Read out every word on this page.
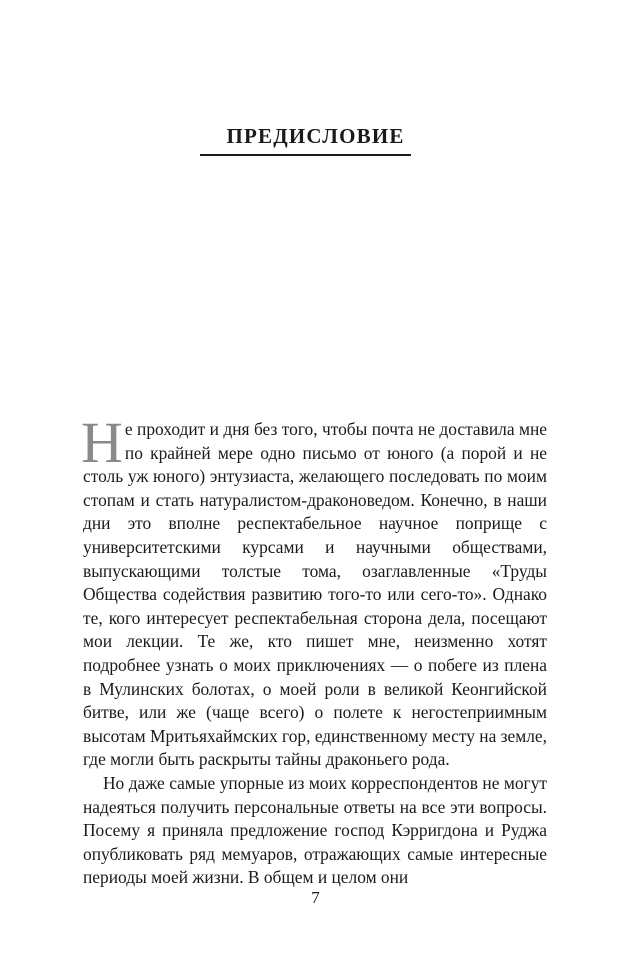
ПРЕДИСЛОВИЕ

Не проходит и дня без того, чтобы почта не доставила мне по крайней мере одно письмо от юного (а порой и не столь уж юного) энтузиаста, желающего последовать по моим стопам и стать натуралистом-драконоведом. Конечно, в наши дни это вполне респектабельное научное поприще с университетскими курсами и научными обществами, выпускающими толстые тома, озаглавленные «Труды Общества содействия развитию того-то или сего-то». Однако те, кого интересует респектабельная сторона дела, посещают мои лекции. Те же, кто пишет мне, неизменно хотят подробнее узнать о моих приключениях — о побеге из плена в Мулинских болотах, о моей роли в великой Кеонгийской битве, или же (чаще всего) о полете к негостеприимным высотам Мритьяхаймских гор, единственному месту на земле, где могли быть раскрыты тайны драконьего рода.

Но даже самые упорные из моих корреспондентов не могут надеяться получить персональные ответы на все эти вопросы. Посему я приняла предложение господ Кэрригдона и Руджа опубликовать ряд мемуаров, отражающих самые интересные периоды моей жизни. В общем и целом они

7
